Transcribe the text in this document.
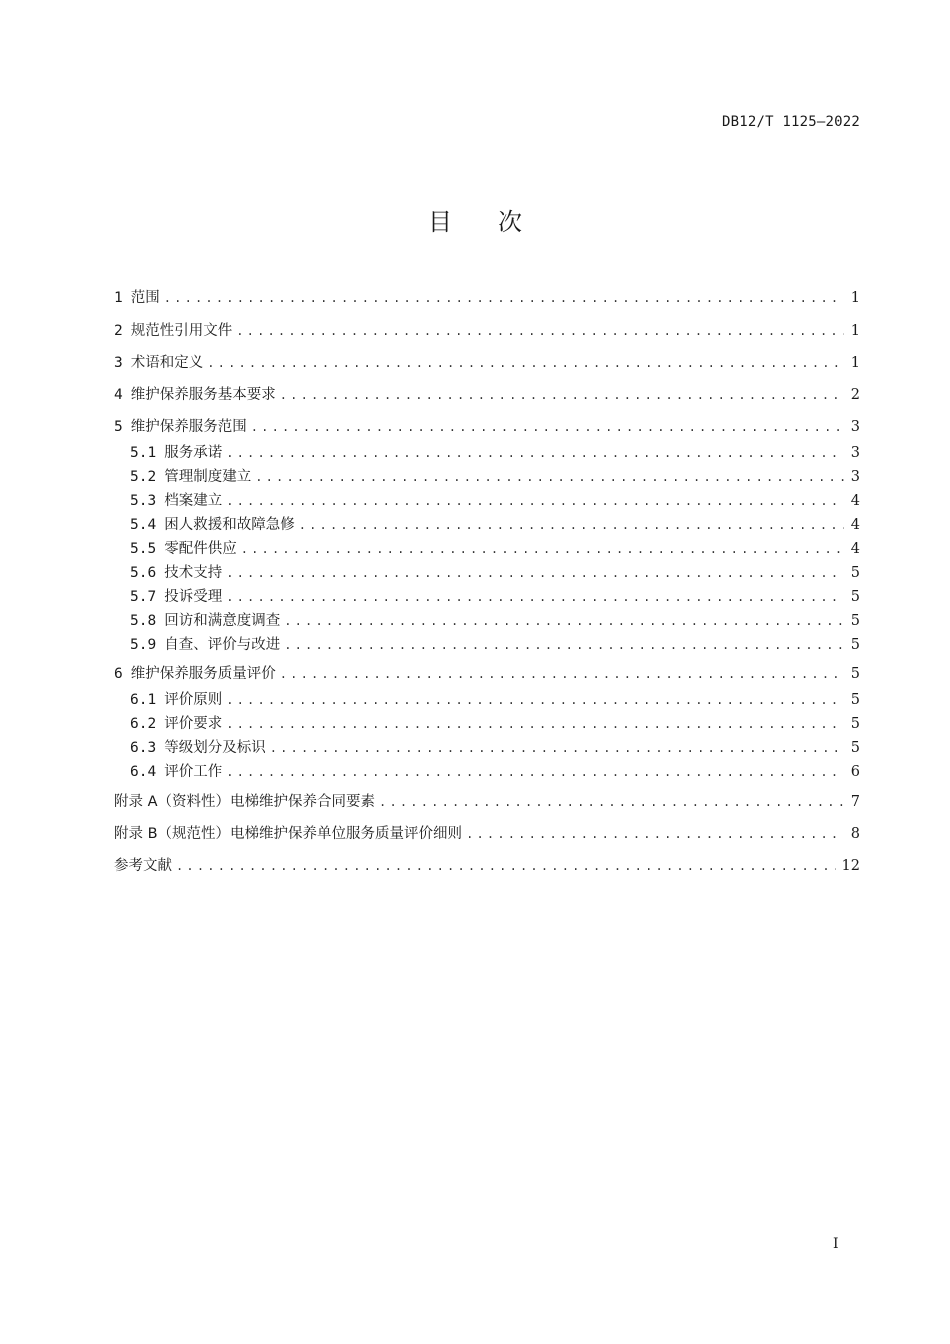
DB12/T 1125—2022
目 次
1 范围 .....	1
2 规范性引用文件 .....	1
3 术语和定义 .....	1
4 维护保养服务基本要求 .....	2
5 维护保养服务范围 .....	3
5.1 服务承诺 .....	3
5.2 管理制度建立 .....	3
5.3 档案建立 .....	4
5.4 困人救援和故障急修 .....	4
5.5 零配件供应 .....	4
5.6 技术支持 .....	5
5.7 投诉受理 .....	5
5.8 回访和满意度调查 .....	5
5.9 自查、评价与改进 .....	5
6 维护保养服务质量评价 .....	5
6.1 评价原则 .....	5
6.2 评价要求 .....	5
6.3 等级划分及标识 .....	5
6.4 评价工作 .....	6
附录 A（资料性）电梯维护保养合同要素 .....	7
附录 B（规范性）电梯维护保养单位服务质量评价细则 .....	8
参考文献 .....	12
I
